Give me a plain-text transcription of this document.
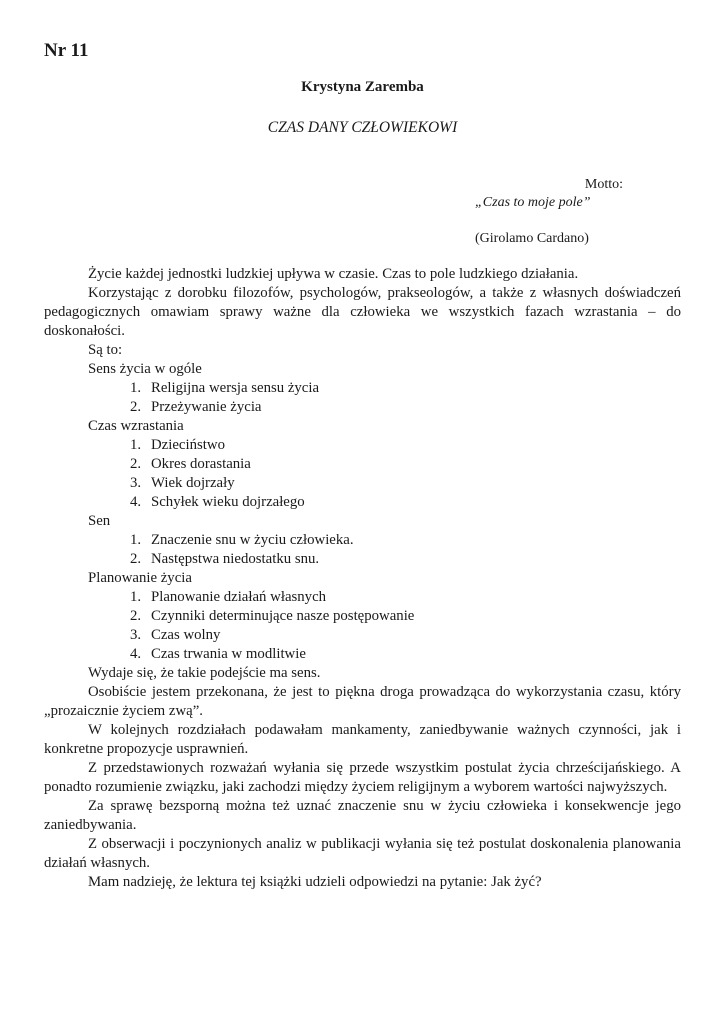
Nr 11
Krystyna Zaremba
CZAS DANY CZŁOWIEKOWI
Motto:
„Czas to moje pole”
(Girolamo Cardano)

Życie każdej jednostki ludzkiej upływa w czasie. Czas to pole ludzkiego działania.

Korzystając z dorobku filozofów, psychologów, prakseologów, a także z własnych doświadczeń pedagogicznych omawiam sprawy ważne dla człowieka we wszystkich fazach wzrastania – do doskonałości.

Są to:

Sens życia w ogóle

1. Religijna wersja sensu życia

2. Przeżywanie życia

Czas wzrastania

1. Dzieciństwo

2. Okres dorastania

3. Wiek dojrzały

4. Schyłek wieku dojrzałego

Sen

1. Znaczenie snu w życiu człowieka.

2. Następstwa niedostatku snu.

Planowanie życia

1. Planowanie działań własnych

2. Czynniki determinujące nasze postępowanie

3. Czas wolny

4. Czas trwania w modlitwie

Wydaje się, że takie podejście ma sens.

Osobiście jestem przekonana, że jest to piękna droga prowadząca do wykorzystania czasu, który „prozaicznie życiem zwą”.

W kolejnych rozdziałach podawałam mankamenty, zaniedbywanie ważnych czynności, jak i konkretne propozycje usprawnień.

Z przedstawionych rozważań wyłania się przede wszystkim postulat życia chrześcijańskiego. A ponadto rozumienie związku, jaki zachodzi między życiem religijnym a wyborem wartości najwyższych.

Za sprawę bezsporną można też uznać znaczenie snu w życiu człowieka i konsekwencje jego zaniedbywania.

Z obserwacji i poczynionych analiz w publikacji wyłania się też postulat doskonalenia planowania działań własnych.

Mam nadzieję, że lektura tej książki udzieli odpowiedzi na pytanie: Jak żyć?
